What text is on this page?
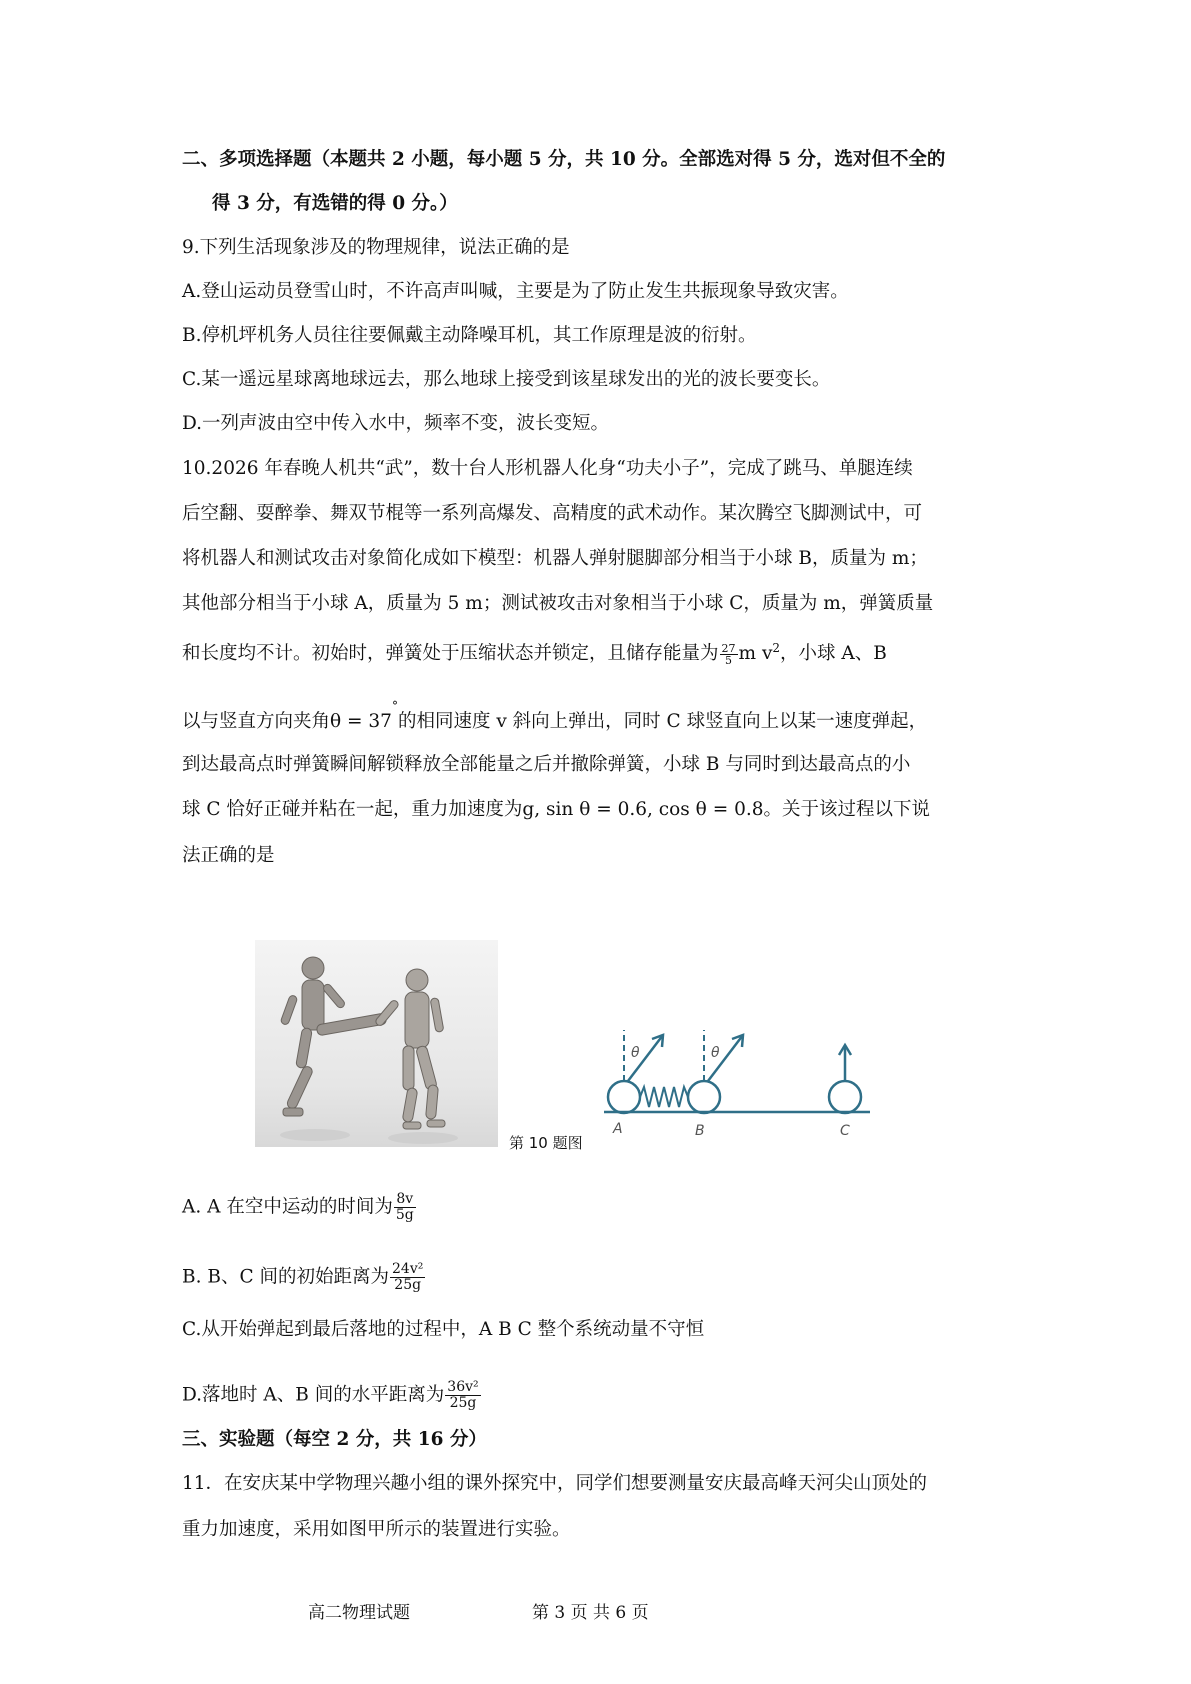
二、多项选择题（本题共 2 小题，每小题 5 分，共 10 分。全部选对得 5 分，选对但不全的
得 3 分，有选错的得 0 分。）
9.下列生活现象涉及的物理规律，说法正确的是
A.登山运动员登雪山时，不许高声叫喊，主要是为了防止发生共振现象导致灾害。
B.停机坪机务人员往往要佩戴主动降噪耳机，其工作原理是波的衍射。
C.某一遥远星球离地球远去，那么地球上接受到该星球发出的光的波长要变长。
D.一列声波由空中传入水中，频率不变，波长变短。
10.2026 年春晚人机共“武”，数十台人形机器人化身“功夫小子”，完成了跳马、单腿连续
后空翻、耍醉拳、舞双节棍等一系列高爆发、高精度的武术动作。某次腾空飞脚测试中，可
将机器人和测试攻击对象简化成如下模型：机器人弹射腿脚部分相当于小球 B，质量为 m；
其他部分相当于小球 A，质量为 5 m；测试被攻击对象相当于小球 C，质量为 m，弹簧质量
和长度均不计。初始时，弹簧处于压缩状态并锁定，且储存能量为 $\frac{27}{5}$ m $v^2$，小球 A、B
以与竖直方向夹角θ = 37°的相同速度 v 斜向上弹出，同时 C 球竖直向上以某一速度弹起，
到达最高点时弹簧瞬间解锁释放全部能量之后并撤除弹簧，小球 B 与同时到达最高点的小
球 C 恰好正碰并粘在一起，重力加速度为g, sin θ = 0.6, cos θ = 0.8。关于该过程以下说
法正确的是
第 10 题图
θ	θ
A	B	C
A. A 在空中运动的时间为 $\frac{8v}{5g}$
B. B、C 间的初始距离为 $\frac{\text{24v²}}{25g}$
C.从开始弹起到最后落地的过程中，A B C 整个系统动量不守恒
D.落地时 A、B 间的水平距离为 $\frac{\text{36v²}}{25g}$
三、实验题（每空 2 分，共 16 分）
11．在安庆某中学物理兴趣小组的课外探究中，同学们想要测量安庆最高峰天河尖山顶处的
重力加速度，采用如图甲所示的装置进行实验。
高二物理试题	第 3 页 共 6 页
